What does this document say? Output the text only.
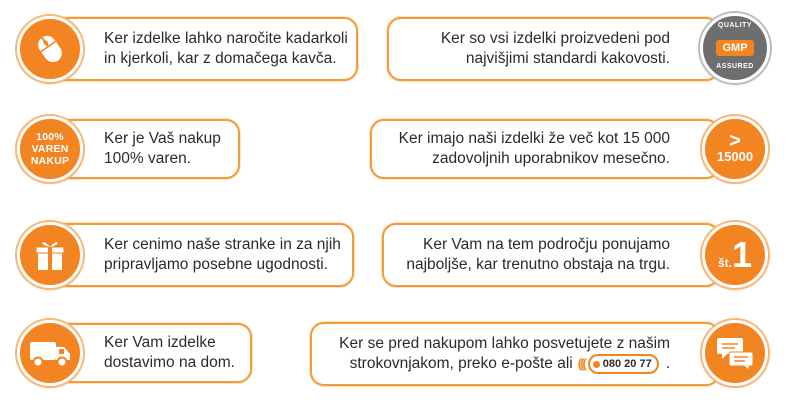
Ker izdelke lahko naročite kadarkoli
in kjerkoli, kar z domačega kavča.
Ker so vsi izdelki proizvedeni pod
najvišjimi standardi kakovosti.
QUALITY
GMP
ASSURED
Ker je Vaš nakup
100% varen.
100%
VAREN
NAKUP
Ker imajo naši izdelki že več kot 15 000
zadovoljnih uporabnikov mesečno.
>
15000
Ker cenimo naše stranke in za njih
pripravljamo posebne ugodnosti.
Ker Vam na tem področju ponujamo
najboljše, kar trenutno obstaja na trgu.	št. 1
Ker Vam izdelke
dostavimo na dom.
Ker se pred nakupom lahko posvetujete z našim
strokovnjakom, preko e-pošte ali ((( 080 20 77 .
